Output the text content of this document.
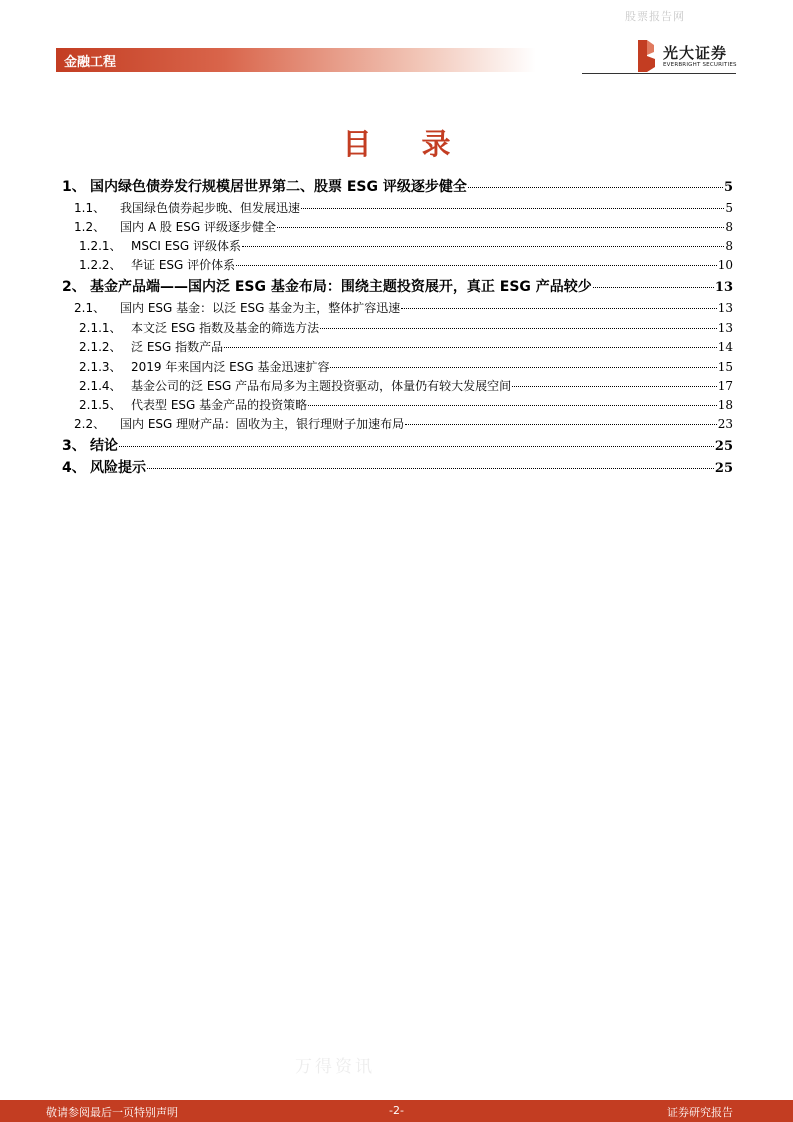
股票报告网
金融工程
光大证券
EVERBRIGHT SECURITIES
目 录
1、 国内绿色债券发行规模居世界第二、股票 ESG 评级逐步健全	5
1.1、	我国绿色债券起步晚、但发展迅速	5
1.2、	国内 A 股 ESG 评级逐步健全	8
1.2.1、 MSCI ESG 评级体系	8
1.2.2、 华证 ESG 评价体系	10
2、 基金产品端——国内泛 ESG 基金布局：围绕主题投资展开，真正 ESG 产品较少	13
2.1、	国内 ESG 基金：以泛 ESG 基金为主，整体扩容迅速	13
2.1.1、 本文泛 ESG 指数及基金的筛选方法	13
2.1.2、 泛 ESG 指数产品	14
2.1.3、 2019 年来国内泛 ESG 基金迅速扩容	15
2.1.4、 基金公司的泛 ESG 产品布局多为主题投资驱动，体量仍有较大发展空间	17
2.1.5、 代表型 ESG 基金产品的投资策略	18
2.2、	国内 ESG 理财产品：固收为主，银行理财子加速布局	23
3、 结论	25
4、 风险提示	25
万得资讯
敬请参阅最后一页特别声明	-2-	证券研究报告
